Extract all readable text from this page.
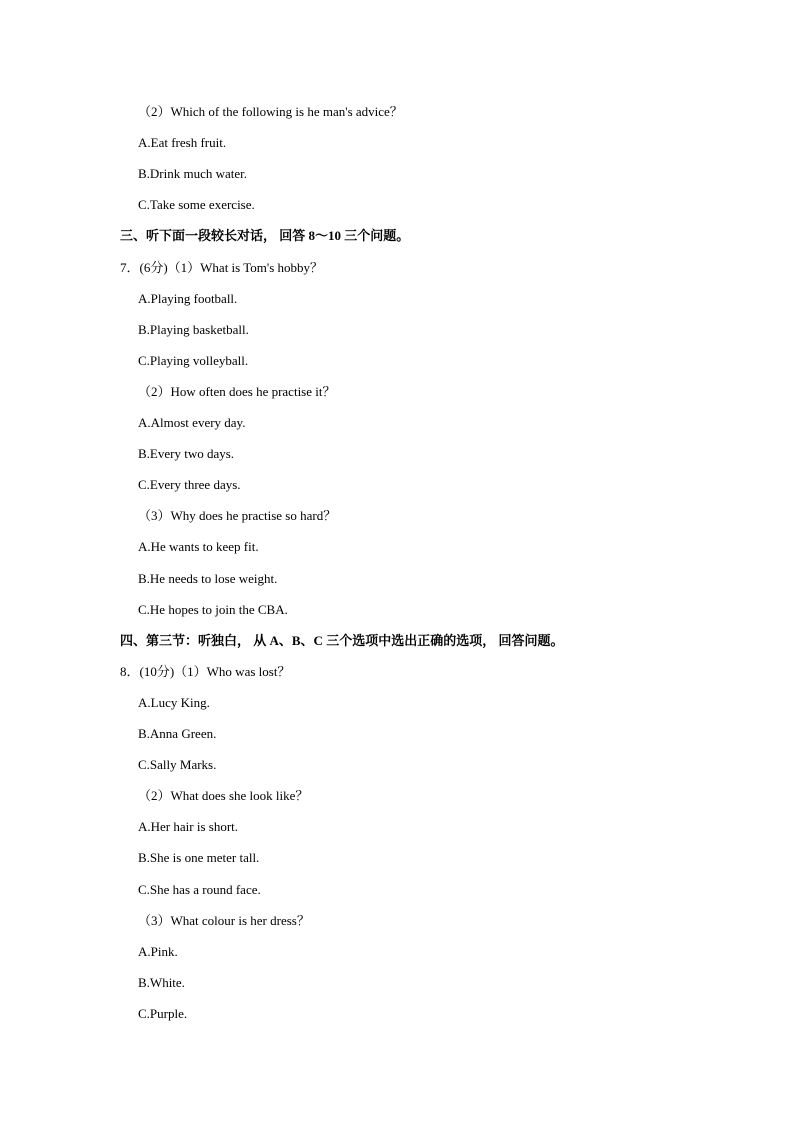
（2）Which of the following is he man's advice？
A.Eat fresh fruit.
B.Drink much water.
C.Take some exercise.
三、听下面一段较长对话， 回答 8～10 三个问题。
7．(6分)（1）What is Tom's hobby？
A.Playing football.
B.Playing basketball.
C.Playing volleyball.
（2）How often does he practise it？
A.Almost every day.
B.Every two days.
C.Every three days.
（3）Why does he practise so hard？
A.He wants to keep fit.
B.He needs to lose weight.
C.He hopes to join the CBA.
四、第三节：听独白， 从 A、B、C 三个选项中选出正确的选项， 回答问题。
8．(10分)（1）Who was lost？
A.Lucy King.
B.Anna Green.
C.Sally Marks.
（2）What does she look like？
A.Her hair is short.
B.She is one meter tall.
C.She has a round face.
（3）What colour is her dress？
A.Pink.
B.White.
C.Purple.
